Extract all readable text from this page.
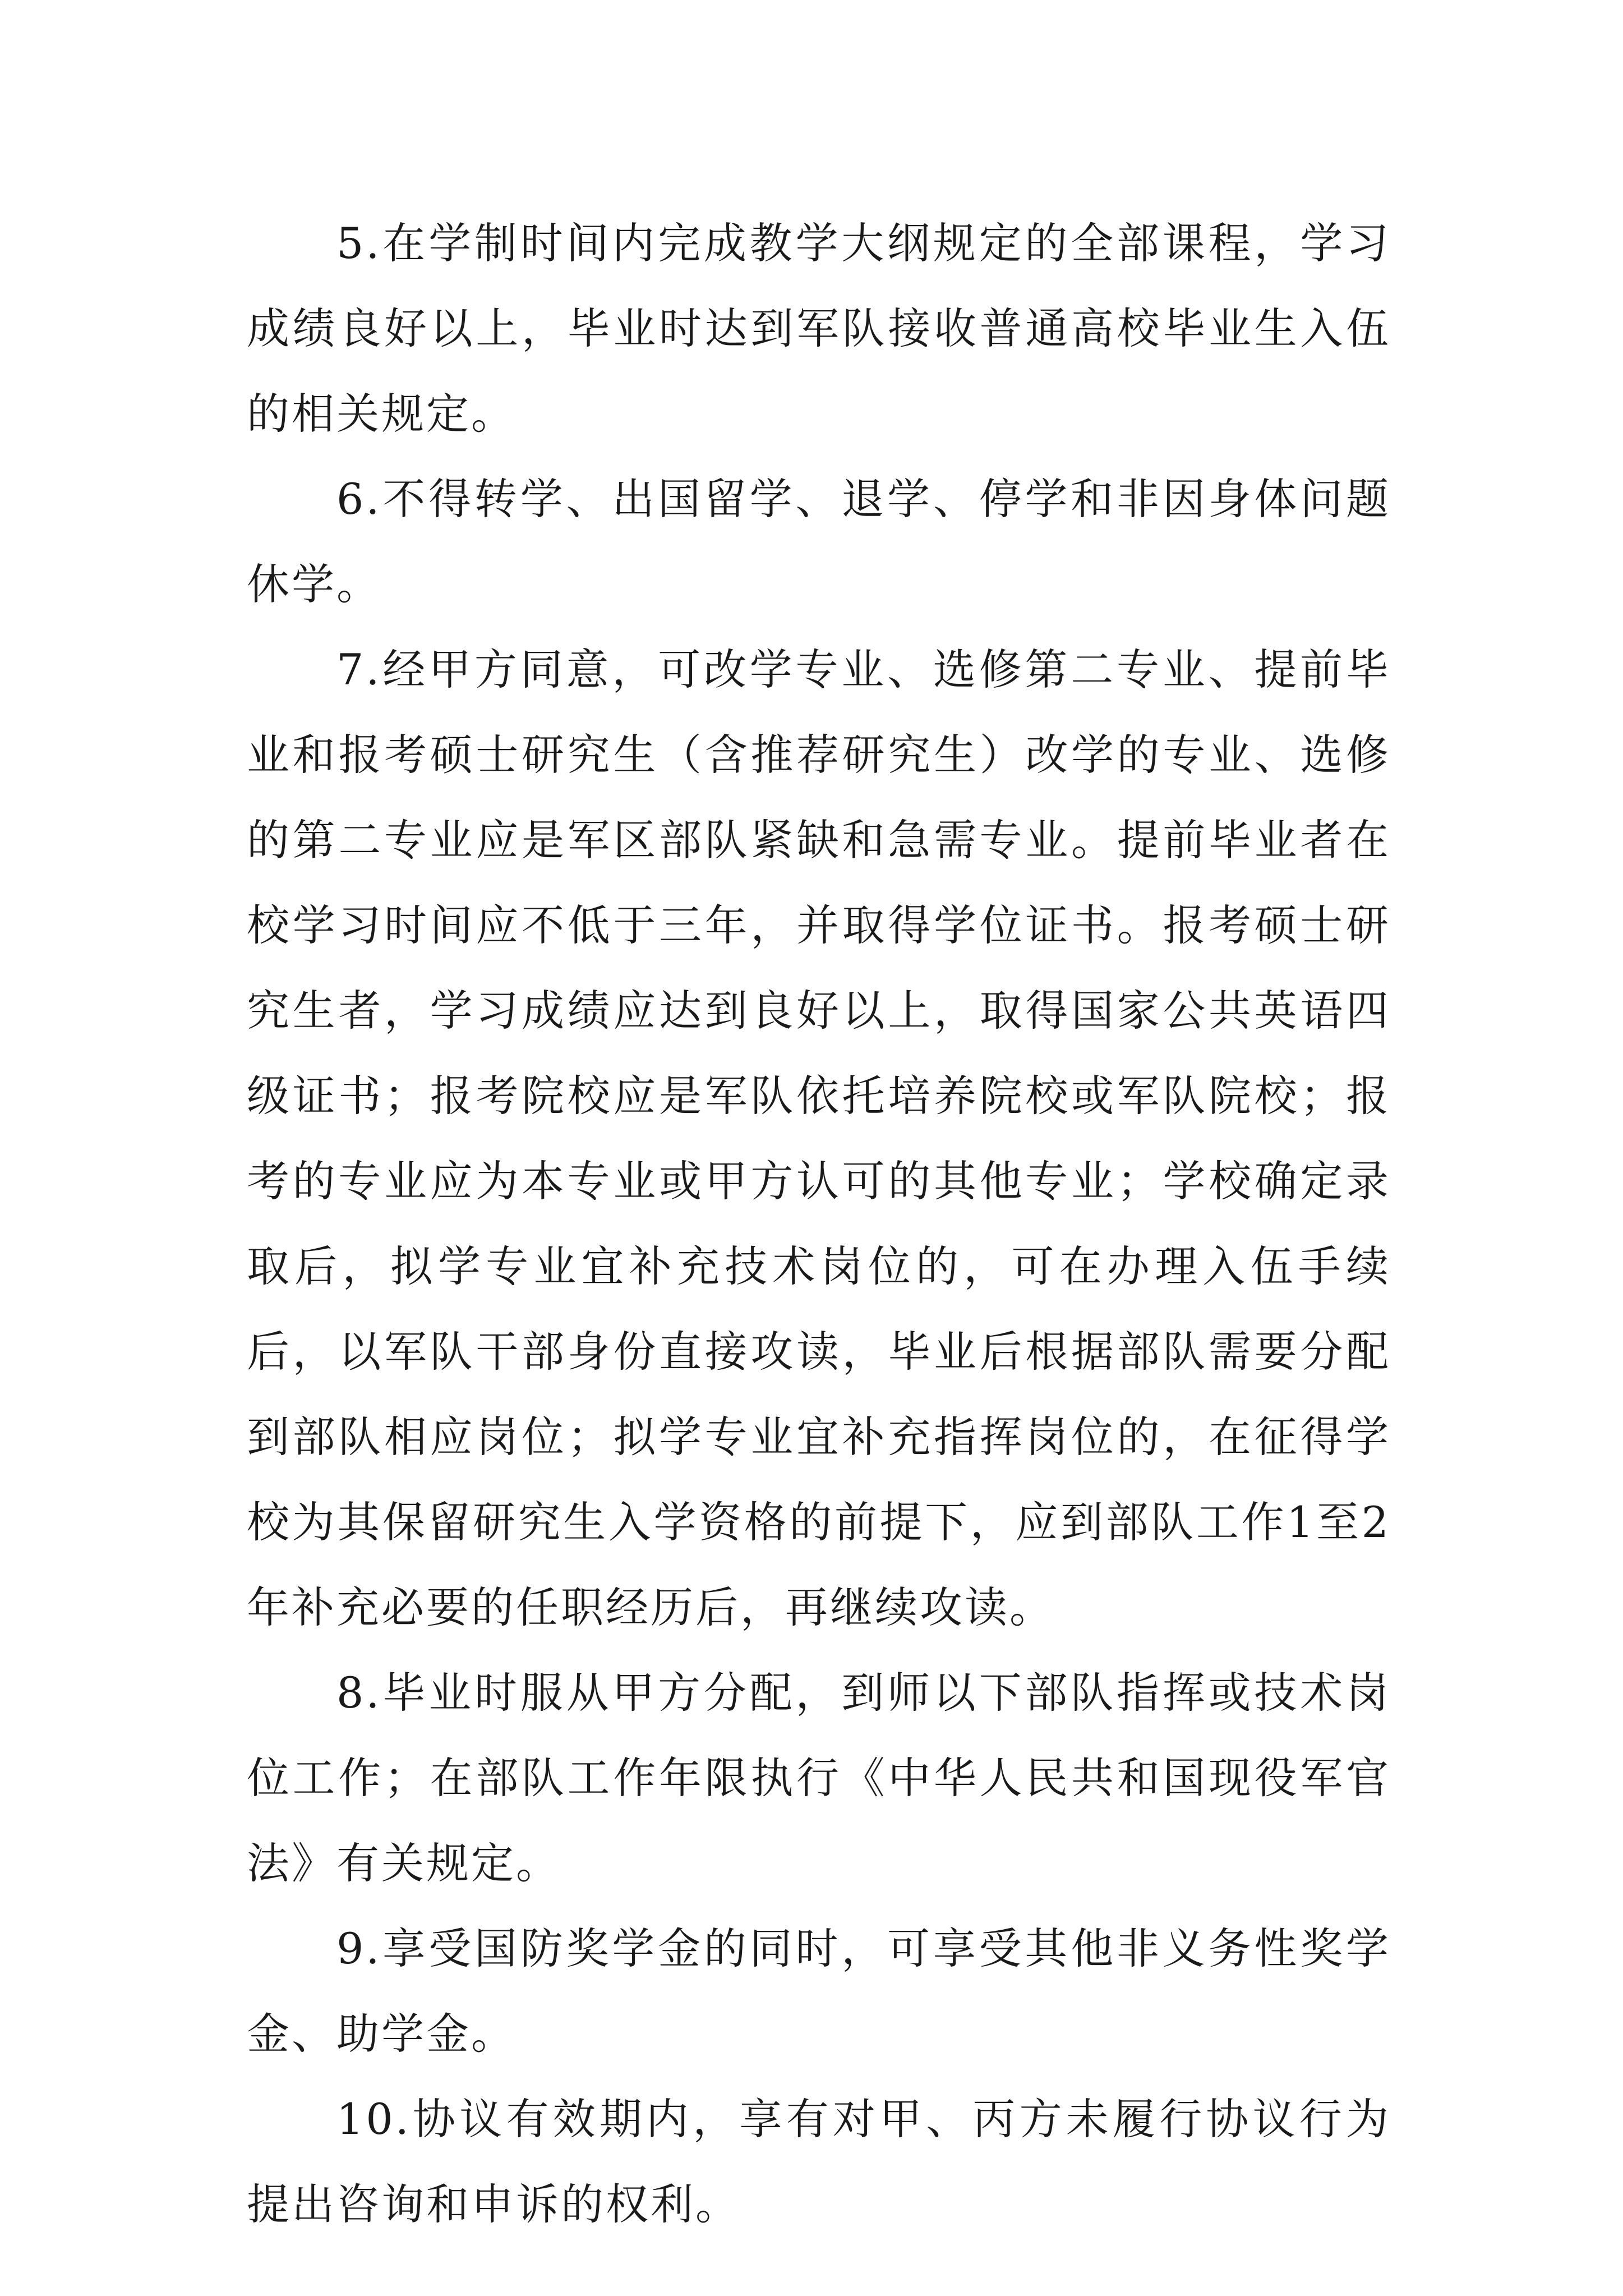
5.在学制时间内完成教学大纲规定的全部课程，学习成绩良好以上，毕业时达到军队接收普通高校毕业生入伍的相关规定。

6.不得转学、出国留学、退学、停学和非因身体问题休学。

7.经甲方同意，可改学专业、选修第二专业、提前毕业和报考硕士研究生（含推荐研究生）改学的专业、选修的第二专业应是军区部队紧缺和急需专业。提前毕业者在校学习时间应不低于三年，并取得学位证书。报考硕士研究生者，学习成绩应达到良好以上，取得国家公共英语四级证书；报考院校应是军队依托培养院校或军队院校；报考的专业应为本专业或甲方认可的其他专业；学校确定录取后，拟学专业宜补充技术岗位的，可在办理入伍手续后，以军队干部身份直接攻读，毕业后根据部队需要分配到部队相应岗位；拟学专业宜补充指挥岗位的，在征得学校为其保留研究生入学资格的前提下，应到部队工作1至2年补充必要的任职经历后，再继续攻读。

8.毕业时服从甲方分配，到师以下部队指挥或技术岗位工作；在部队工作年限执行《中华人民共和国现役军官法》有关规定。

9.享受国防奖学金的同时，可享受其他非义务性奖学金、助学金。

10.协议有效期内，享有对甲、丙方未履行协议行为提出咨询和申诉的权利。
